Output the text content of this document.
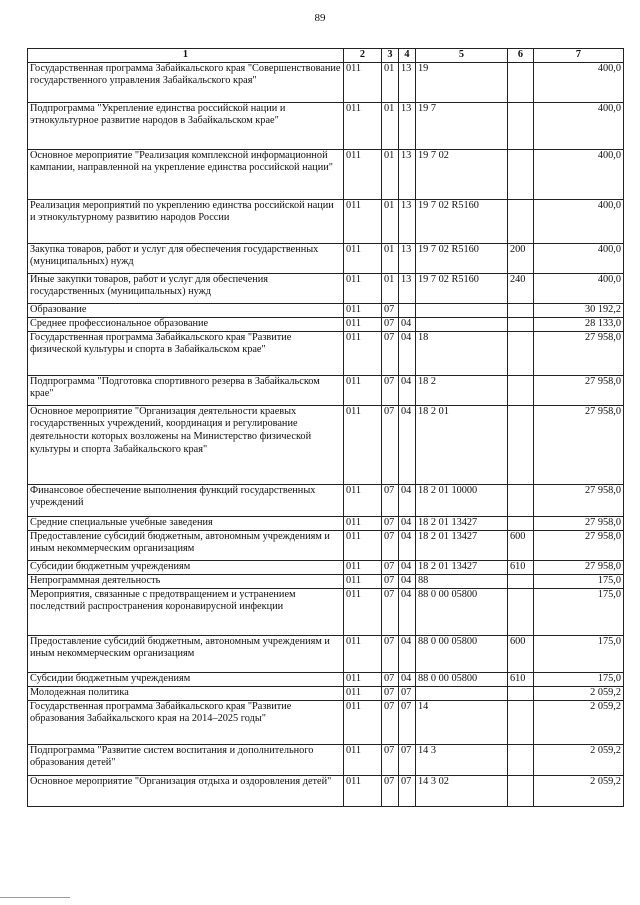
89
1	2	3	4	5	6	7
Государственная программа Забайкальского края "Совершенствование государственного управления Забайкальского края"	011	01	13	19		400,0
Подпрограмма "Укрепление единства российской нации и этнокультурное развитие народов в Забайкальском крае"	011	01	13	19 7		400,0
Основное мероприятие "Реализация комплексной информационной кампании, направленной на укрепление единства российской нации"	011	01	13	19 7 02		400,0
Реализация мероприятий по укреплению единства российской нации и этнокультурному развитию народов России	011	01	13	19 7 02 R5160		400,0
Закупка товаров, работ и услуг для обеспечения государственных (муниципальных) нужд	011	01	13	19 7 02 R5160	200	400,0
Иные закупки товаров, работ и услуг для обеспечения государственных (муниципальных) нужд	011	01	13	19 7 02 R5160	240	400,0
Образование	011	07				30 192,2
Среднее профессиональное образование	011	07	04			28 133,0
Государственная программа Забайкальского края "Развитие физической культуры и спорта в Забайкальском крае"	011	07	04	18		27 958,0
Подпрограмма "Подготовка спортивного резерва в Забайкальском крае"	011	07	04	18 2		27 958,0
Основное мероприятие "Организация деятельности краевых государственных учреждений, координация и регулирование деятельности которых возложены на Министерство физической культуры и спорта Забайкальского края"	011	07	04	18 2 01		27 958,0
Финансовое обеспечение выполнения функций государственных учреждений	011	07	04	18 2 01 10000		27 958,0
Средние специальные учебные заведения	011	07	04	18 2 01 13427		27 958,0
Предоставление субсидий бюджетным, автономным учреждениям и иным некоммерческим организациям	011	07	04	18 2 01 13427	600	27 958,0
Субсидии бюджетным учреждениям	011	07	04	18 2 01 13427	610	27 958,0
Непрограммная деятельность	011	07	04	88		175,0
Мероприятия, связанные с предотвращением и устранением последствий распространения коронавирусной инфекции	011	07	04	88 0 00 05800		175,0
Предоставление субсидий бюджетным, автономным учреждениям и иным некоммерческим организациям	011	07	04	88 0 00 05800	600	175,0
Субсидии бюджетным учреждениям	011	07	04	88 0 00 05800	610	175,0
Молодежная политика	011	07	07			2 059,2
Государственная программа Забайкальского края "Развитие образования Забайкальского края на 2014–2025 годы"	011	07	07	14		2 059,2
Подпрограмма "Развитие систем воспитания и дополнительного образования детей"	011	07	07	14 3		2 059,2
Основное мероприятие "Организация отдыха и оздоровления детей"	011	07	07	14 3 02		2 059,2
